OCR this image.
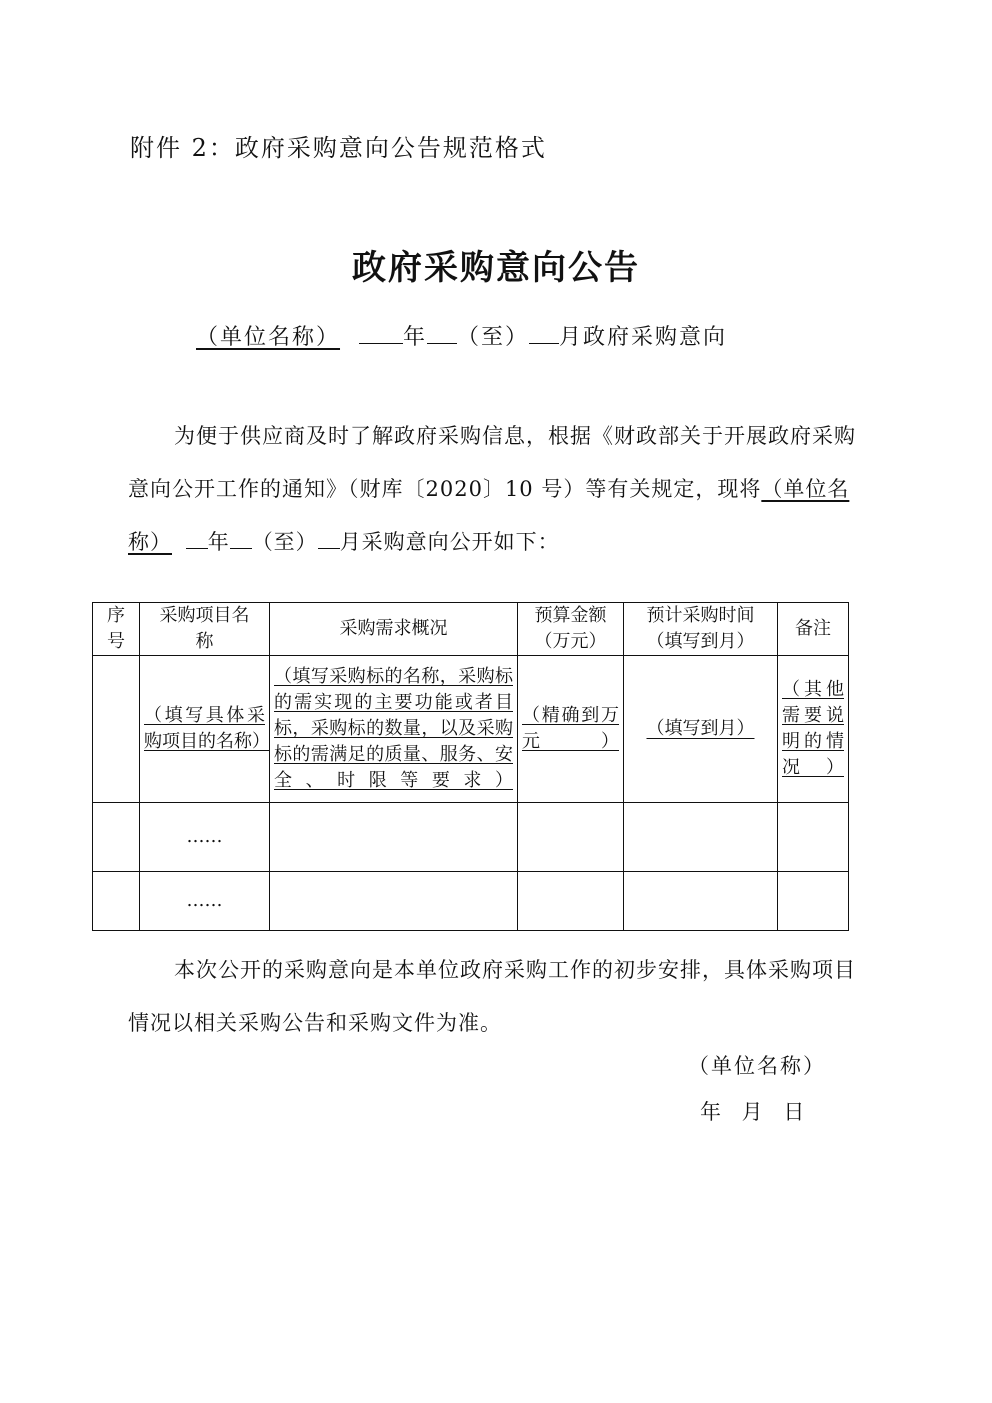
附件 2：政府采购意向公告规范格式
政府采购意向公告
（单位名称）	年 （至） 月政府采购意向
为便于供应商及时了解政府采购信息，根据《财政部关于开展政府采购意向公开工作的通知》（财库〔2020〕10 号）等有关规定，现将（单位名称） 年 （至） 月采购意向公开如下：
序号	采购项目名称	采购需求概况	预算金额（万元）	预计采购时间（填写到月）	备注

	（填写具体采购项目的名称）	（填写采购标的名称，采购标的需实现的主要功能或者目标，采购标的数量，以及采购标的需满足的质量、服务、安全、时限等要求）	（精确到万元）	（填写到月）	（其他需要说明的情况）

	……				
	……				
本次公开的采购意向是本单位政府采购工作的初步安排，具体采购项目情况以相关采购公告和采购文件为准。
（单位名称）
年 月 日
